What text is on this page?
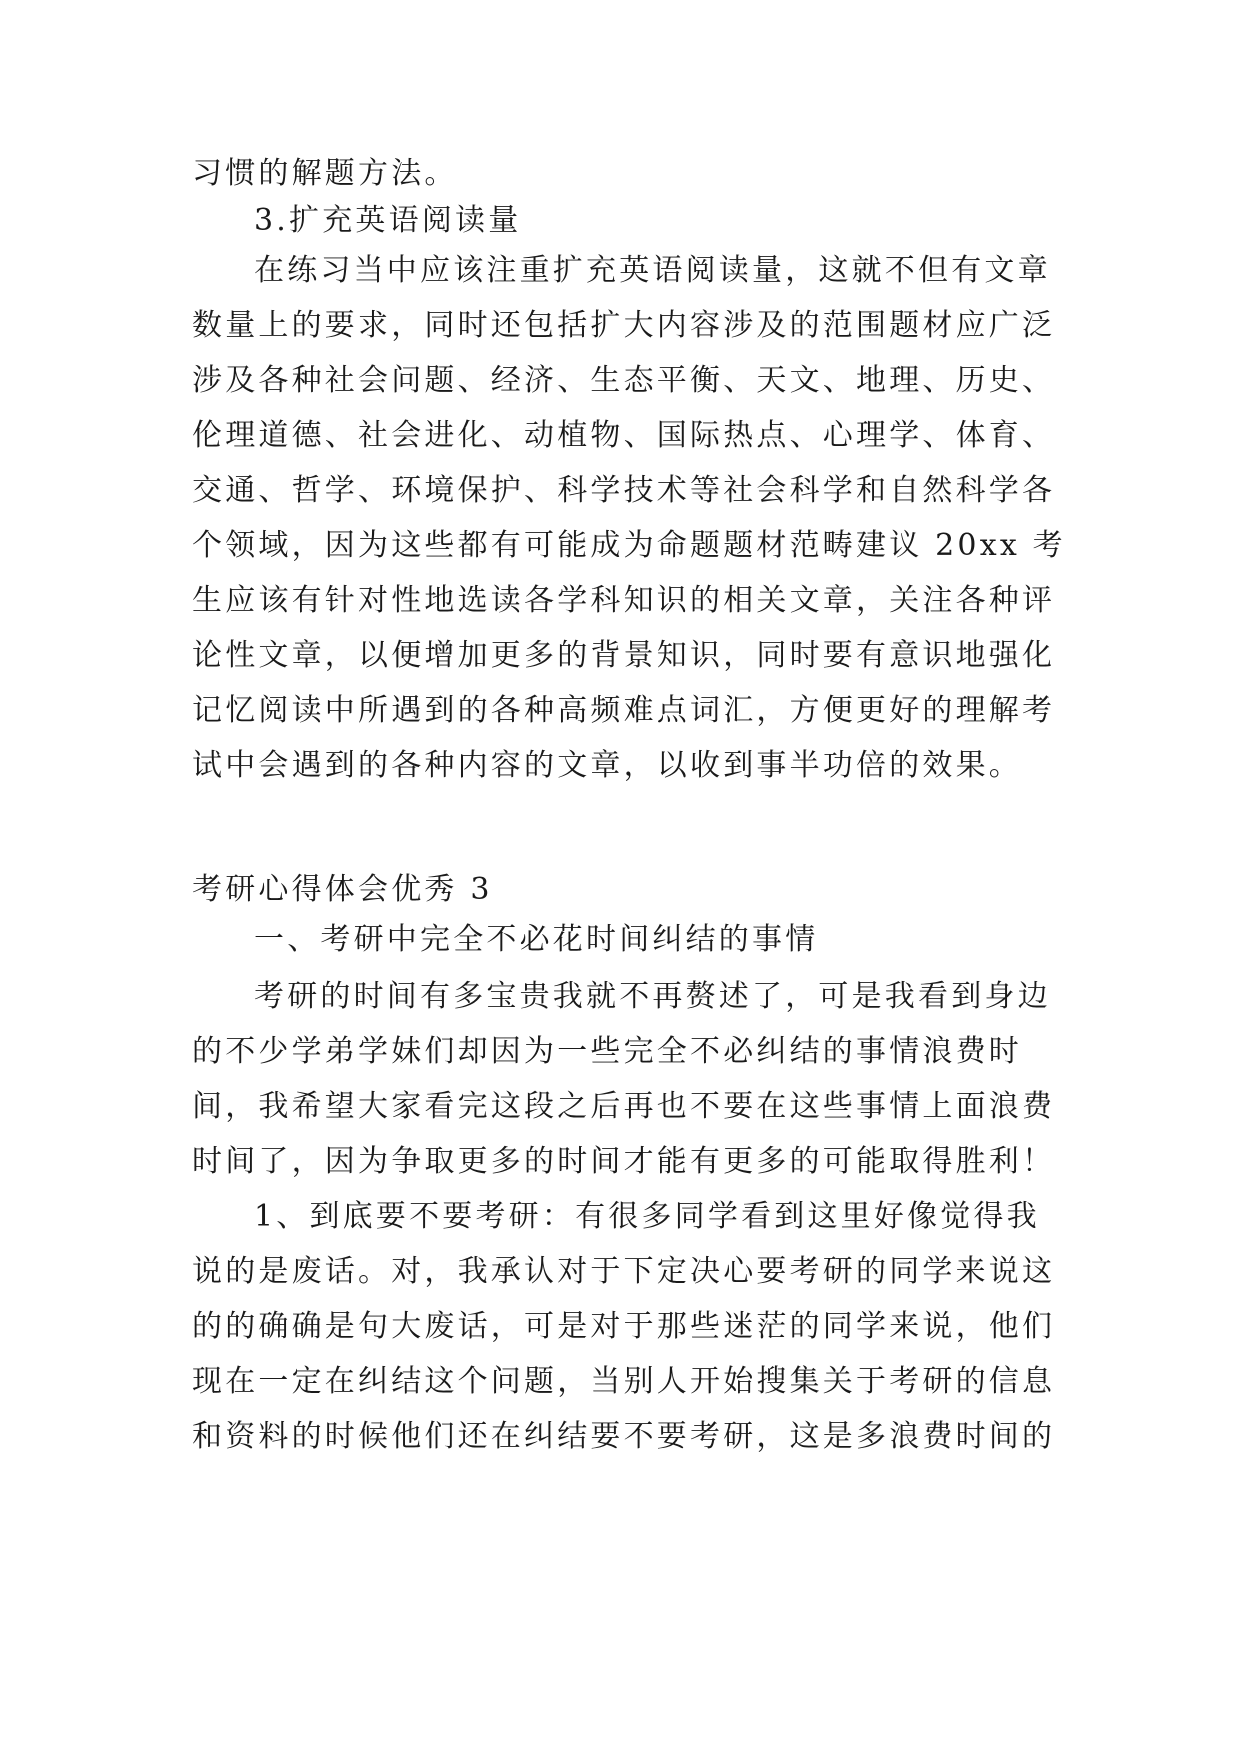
习惯的解题方法。
3.扩充英语阅读量
在练习当中应该注重扩充英语阅读量，这就不但有文章
数量上的要求，同时还包括扩大内容涉及的范围题材应广泛
涉及各种社会问题、经济、生态平衡、天文、地理、历史、
伦理道德、社会进化、动植物、国际热点、心理学、体育、
交通、哲学、环境保护、科学技术等社会科学和自然科学各
个领域，因为这些都有可能成为命题题材范畴建议 20xx 考
生应该有针对性地选读各学科知识的相关文章，关注各种评
论性文章，以便增加更多的背景知识，同时要有意识地强化
记忆阅读中所遇到的各种高频难点词汇，方便更好的理解考
试中会遇到的各种内容的文章，以收到事半功倍的效果。
考研心得体会优秀 3
一、考研中完全不必花时间纠结的事情
考研的时间有多宝贵我就不再赘述了，可是我看到身边
的不少学弟学妹们却因为一些完全不必纠结的事情浪费时
间，我希望大家看完这段之后再也不要在这些事情上面浪费
时间了，因为争取更多的时间才能有更多的可能取得胜利！
1、到底要不要考研：有很多同学看到这里好像觉得我
说的是废话。对，我承认对于下定决心要考研的同学来说这
的的确确是句大废话，可是对于那些迷茫的同学来说，他们
现在一定在纠结这个问题，当别人开始搜集关于考研的信息
和资料的时候他们还在纠结要不要考研，这是多浪费时间的
